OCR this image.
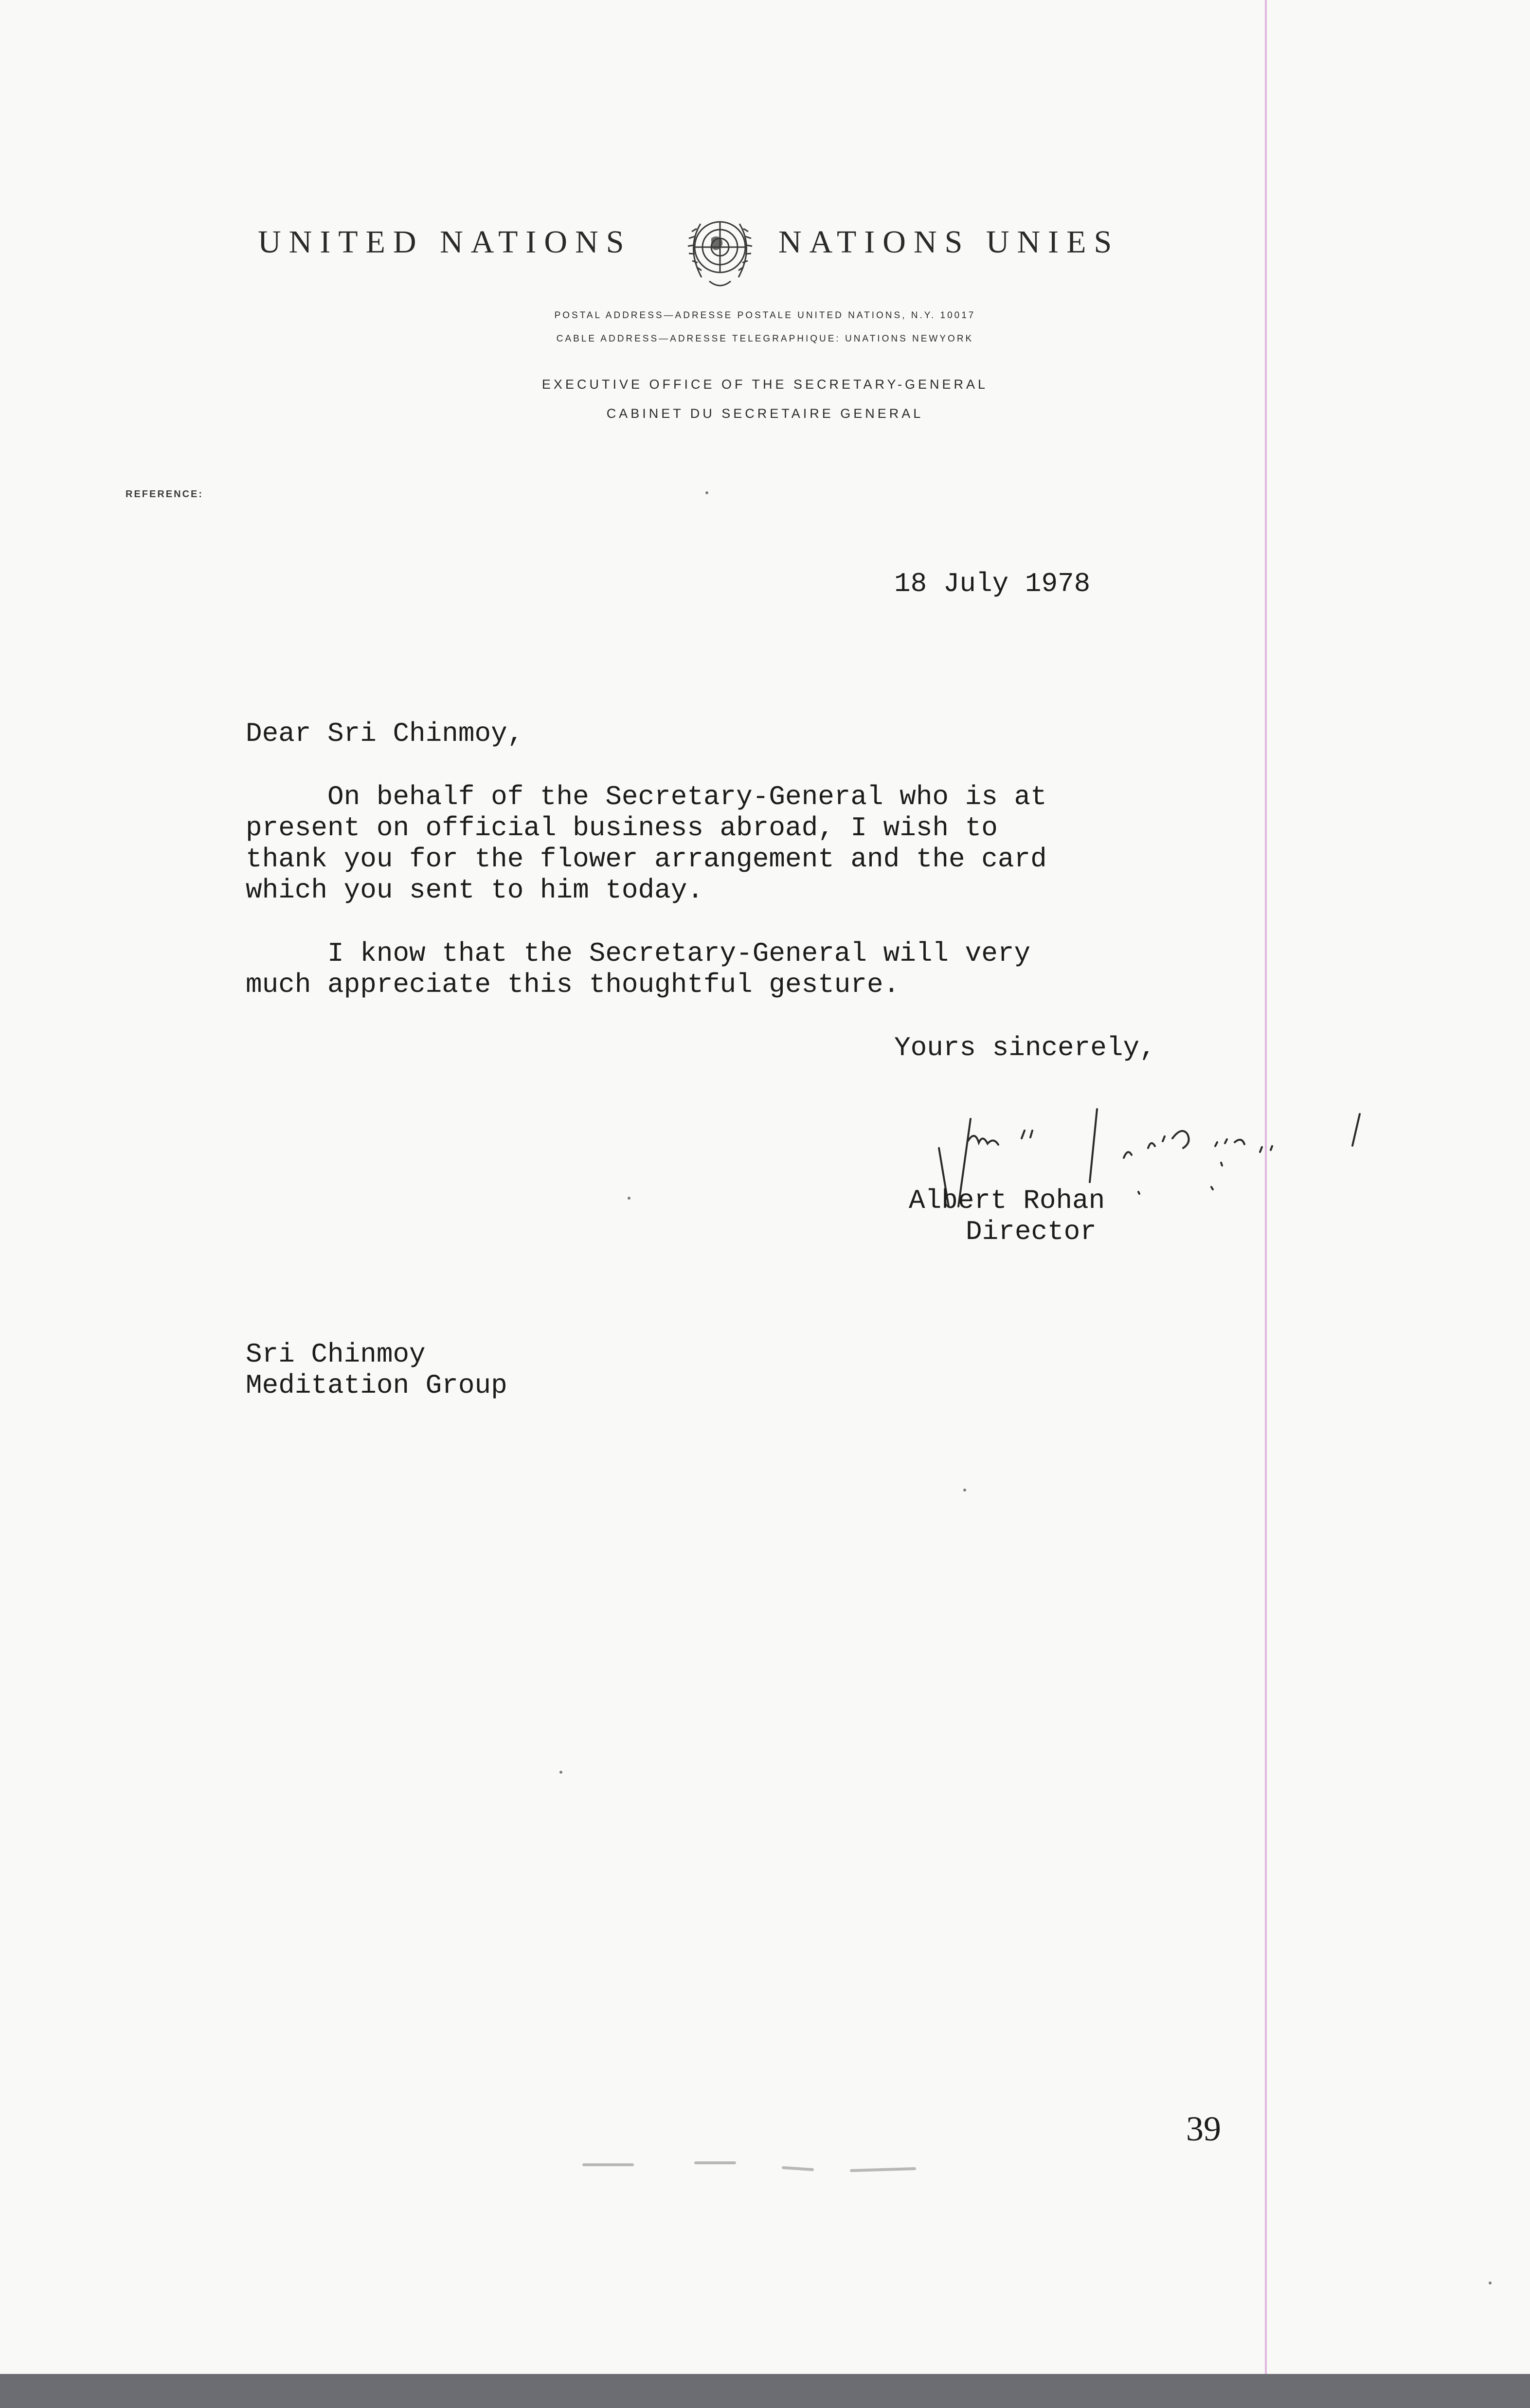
UNITED NATIONS	NATIONS UNIES
POSTAL ADDRESS—ADRESSE POSTALE UNITED NATIONS, N.Y. 10017
CABLE ADDRESS—ADRESSE TELEGRAPHIQUE: UNATIONS NEWYORK
EXECUTIVE OFFICE OF THE SECRETARY-GENERAL
CABINET DU SECRETAIRE GENERAL
REFERENCE:
18 July 1978
Dear Sri Chinmoy,
On behalf of the Secretary-General who is at
present on official business abroad, I wish to
thank you for the flower arrangement and the card
which you sent to him today.
I know that the Secretary-General will very
much appreciate this thoughtful gesture.
Yours sincerely,
Albert Rohan
Director
Sri Chinmoy
Meditation Group
39
